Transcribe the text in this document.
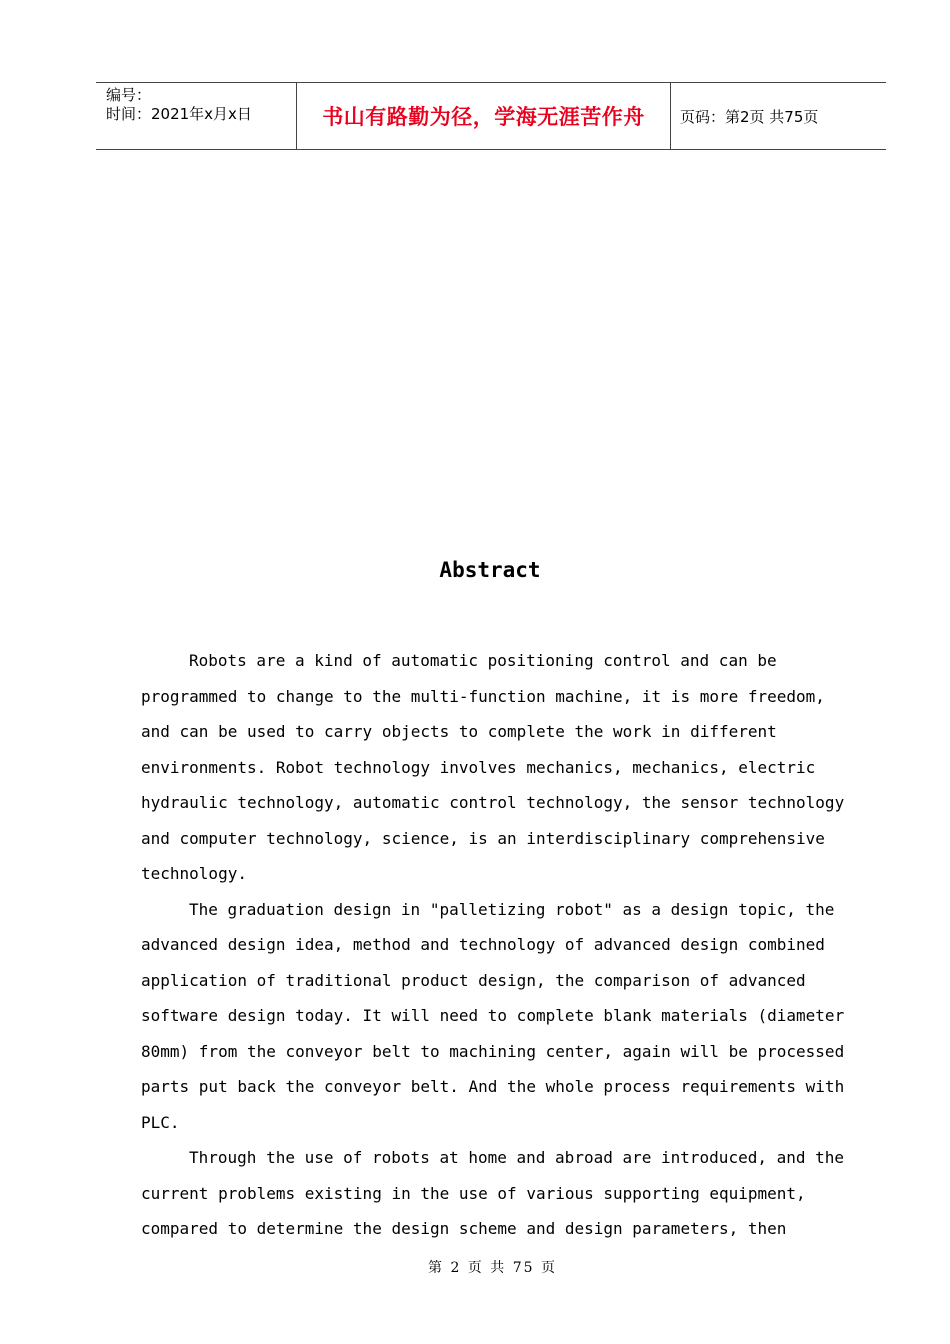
编号：
时间：2021年x月x日	书山有路勤为径，学海无涯苦作舟 页码：第2页 共75页
Abstract
Robots are a kind of automatic positioning control and can be
programmed to change to the multi-function machine, it is more freedom,
and can be used to carry objects to complete the work in different
environments. Robot technology involves mechanics, mechanics, electric
hydraulic technology, automatic control technology, the sensor technology
and computer technology, science, is an interdisciplinary comprehensive
technology.
The graduation design in "palletizing robot" as a design topic, the
advanced design idea, method and technology of advanced design combined
application of traditional product design, the comparison of advanced
software design today. It will need to complete blank materials (diameter
80mm) from the conveyor belt to machining center, again will be processed
parts put back the conveyor belt. And the whole process requirements with
PLC.
Through the use of robots at home and abroad are introduced, and the
current problems existing in the use of various supporting equipment,
compared to determine the design scheme and design parameters, then
第 2 页 共 75 页
